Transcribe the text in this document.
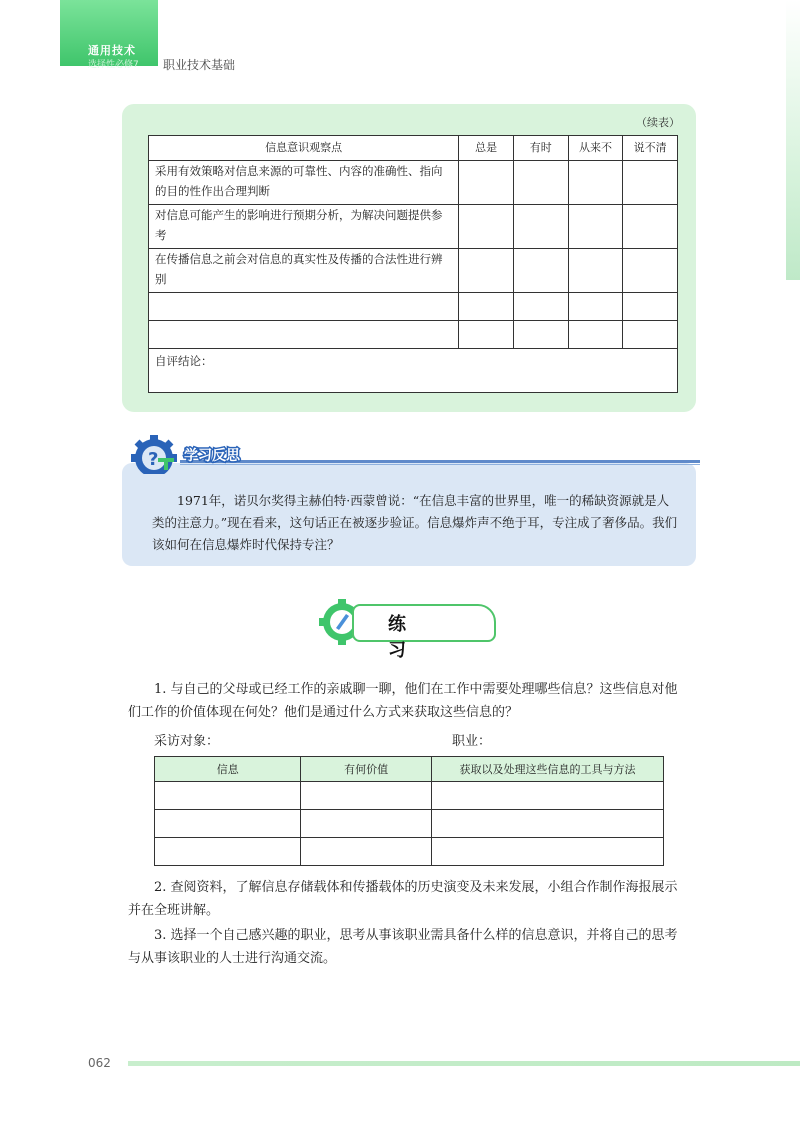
通用技术
选择性必修7 职业技术基础
（续表）
信息意识观察点	总是	有时	从来不	说不清
采用有效策略对信息来源的可靠性、内容的准确性、指向的目的性作出合理判断				
对信息可能产生的影响进行预期分析，为解决问题提供参考				
在传播信息之前会对信息的真实性及传播的合法性进行辨别				

自评结论：				
? 学习反思
1971年，诺贝尔奖得主赫伯特·西蒙曾说：“在信息丰富的世界里，唯一的稀缺资源就是人类的注意力。”现在看来，这句话正在被逐步验证。信息爆炸声不绝于耳，专注成了奢侈品。我们该如何在信息爆炸时代保持专注？
练 习
1. 与自己的父母或已经工作的亲戚聊一聊，他们在工作中需要处理哪些信息？这些信息对他们工作的价值体现在何处？他们是通过什么方式来获取这些信息的？
采访对象：	职业：
信息	有何价值	获取以及处理这些信息的工具与方法

2. 查阅资料，了解信息存储载体和传播载体的历史演变及未来发展，小组合作制作海报展示并在全班讲解。
3. 选择一个自己感兴趣的职业，思考从事该职业需具备什么样的信息意识，并将自己的思考与从事该职业的人士进行沟通交流。
062
